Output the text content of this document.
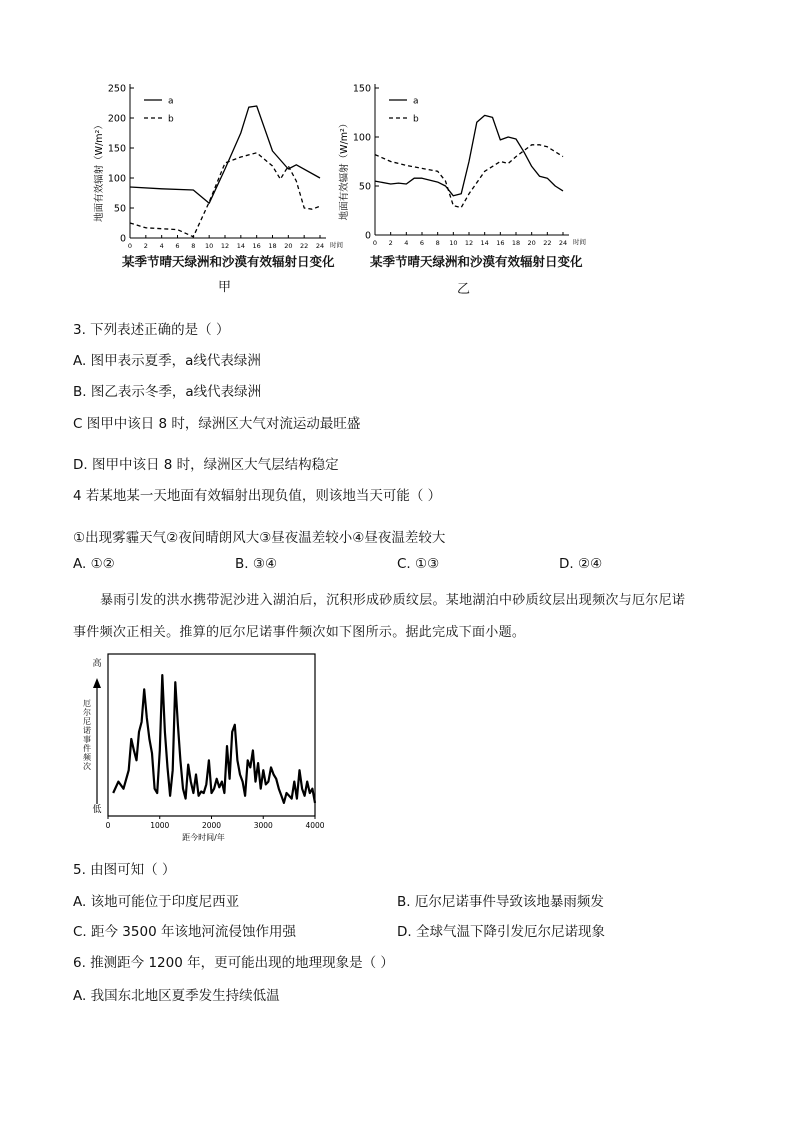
0
50
100
150
200
250
0 2 4 6 8 10 12 14 16 18 20 22 24 时间
地面有效辐射（W/m²）
a
b
某季节晴天绿洲和沙漠有效辐射日变化
甲
0
50
100
150
0 2 4 6 8 10 12 14 16 18 20 22 24 时间
地面有效辐射（W/m²）
a
b
某季节晴天绿洲和沙漠有效辐射日变化
乙
3. 下列表述正确的是（ ）
A. 图甲表示夏季，a线代表绿洲
B. 图乙表示冬季，a线代表绿洲
C 图甲中该日 8 时，绿洲区大气对流运动最旺盛
D. 图甲中该日 8 时，绿洲区大气层结构稳定
4 若某地某一天地面有效辐射出现负值，则该地当天可能（ ）
①出现雾霾天气②夜间晴朗风大③昼夜温差较小④昼夜温差较大
A. ①②	B. ③④	C. ①③	D. ②④
暴雨引发的洪水携带泥沙进入湖泊后，沉积形成砂质纹层。某地湖泊中砂质纹层出现频次与厄尔尼诺
事件频次正相关。推算的厄尔尼诺事件频次如下图所示。据此完成下面小题。
高
低
厄
尔
尼
诺
事
件
频
次
0	1000	2000	3000	4000
距今时间/年
5. 由图可知（ ）
A. 该地可能位于印度尼西亚	B. 厄尔尼诺事件导致该地暴雨频发
C. 距今 3500 年该地河流侵蚀作用强	D. 全球气温下降引发厄尔尼诺现象
6. 推测距今 1200 年，更可能出现的地理现象是（ ）
A. 我国东北地区夏季发生持续低温
